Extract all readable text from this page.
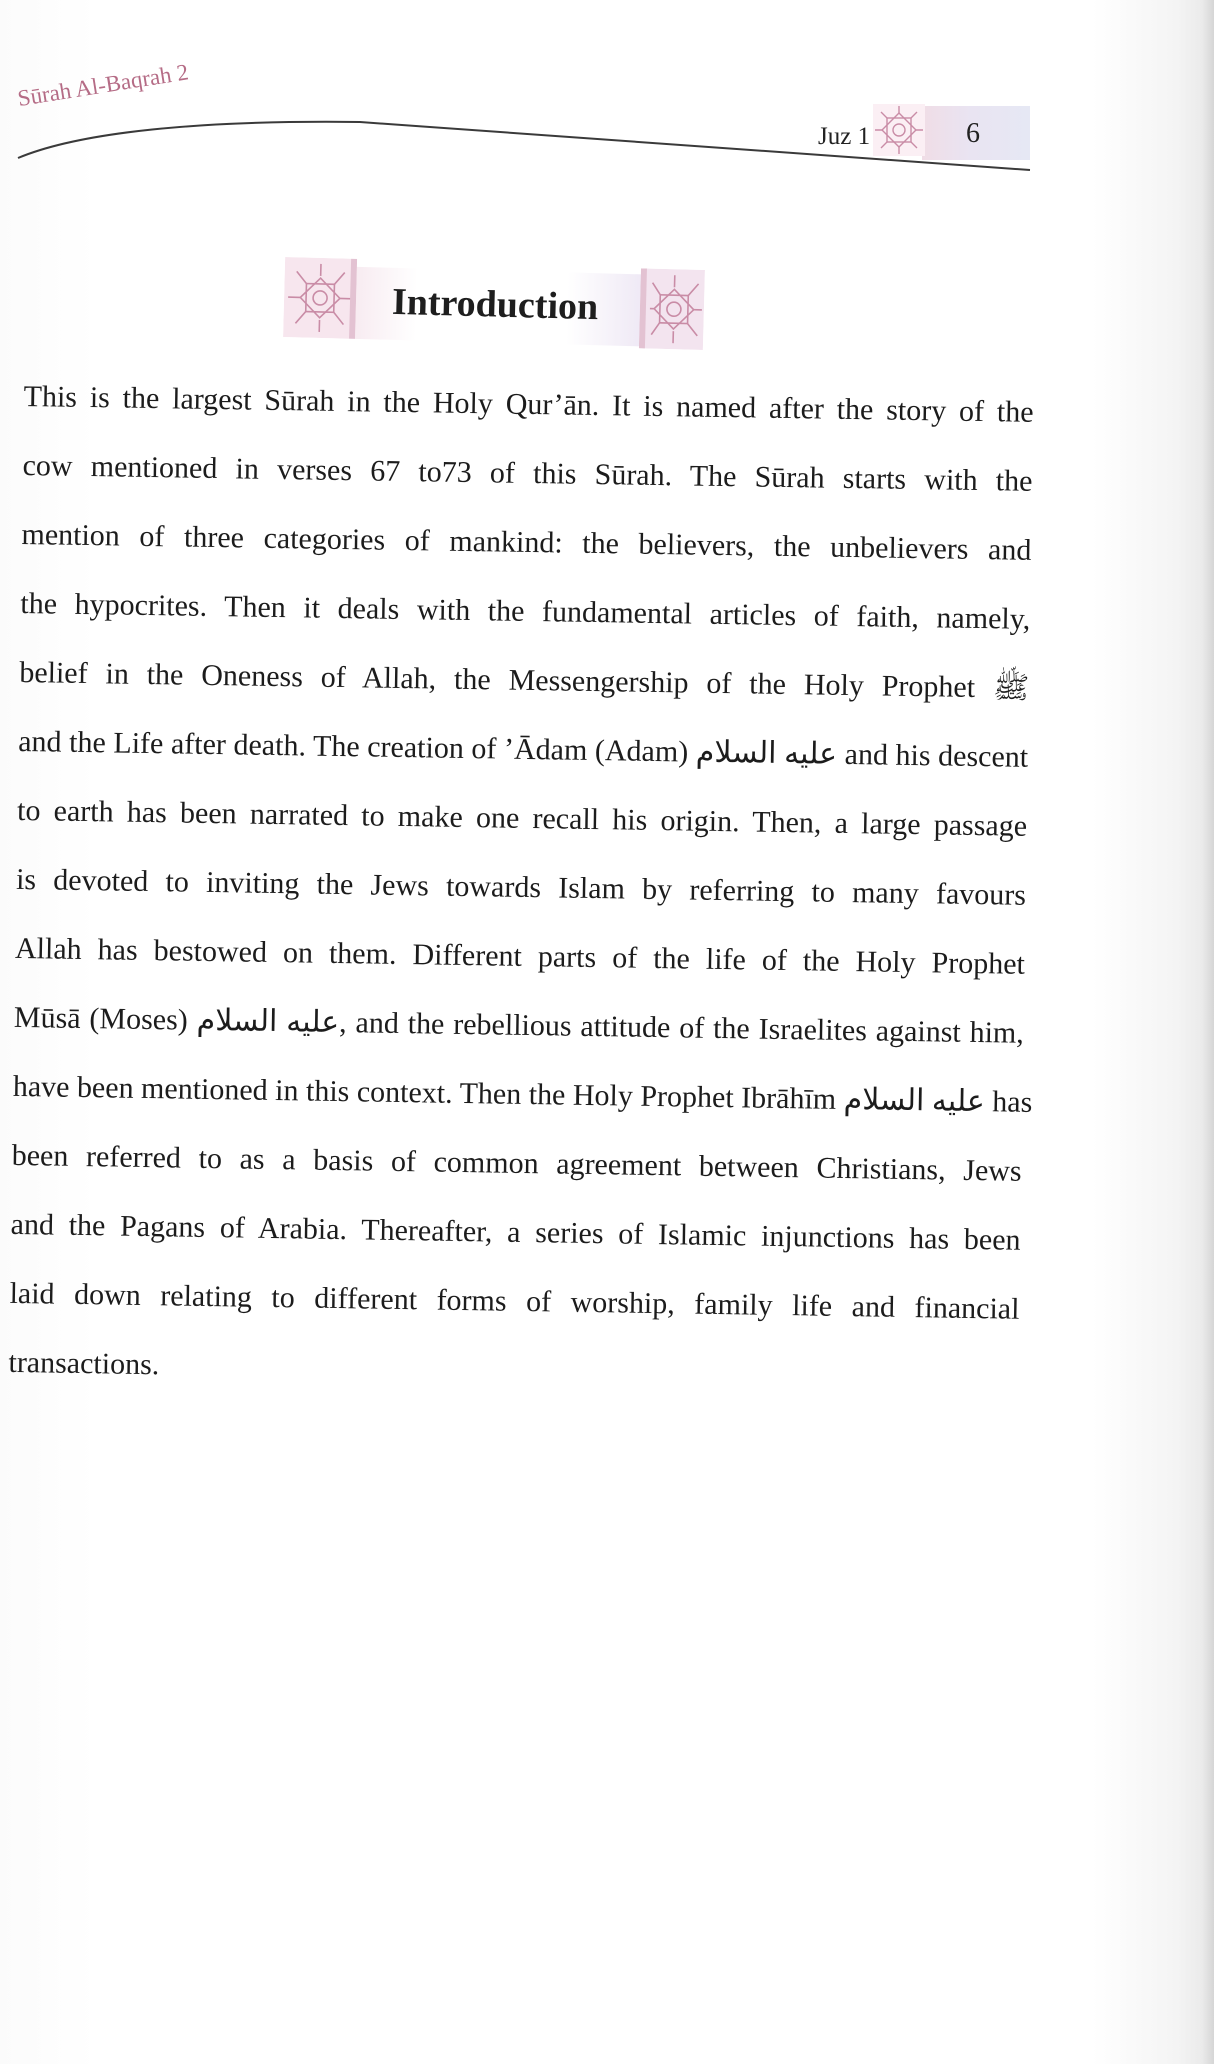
Sūrah Al-Baqrah 2
Juz 1	6
Introduction
This is the largest Sūrah in the Holy Qur’ān. It is named after the story of the
cow mentioned in verses 67 to73 of this Sūrah. The Sūrah starts with the
mention of three categories of mankind: the believers, the unbelievers and
the hypocrites. Then it deals with the fundamental articles of faith, namely,
belief in the Oneness of Allah, the Messengership of the Holy Prophet ﷺ
and the Life after death. The creation of ’Ādam (Adam) عليه السلام and his descent
to earth has been narrated to make one recall his origin. Then, a large passage
is devoted to inviting the Jews towards Islam by referring to many favours
Allah has bestowed on them. Different parts of the life of the Holy Prophet
Mūsā (Moses) عليه السلام, and the rebellious attitude of the Israelites against him,
have been mentioned in this context. Then the Holy Prophet Ibrāhīm عليه السلام has
been referred to as a basis of common agreement between Christians, Jews
and the Pagans of Arabia. Thereafter, a series of Islamic injunctions has been
laid down relating to different forms of worship, family life and financial
transactions.
